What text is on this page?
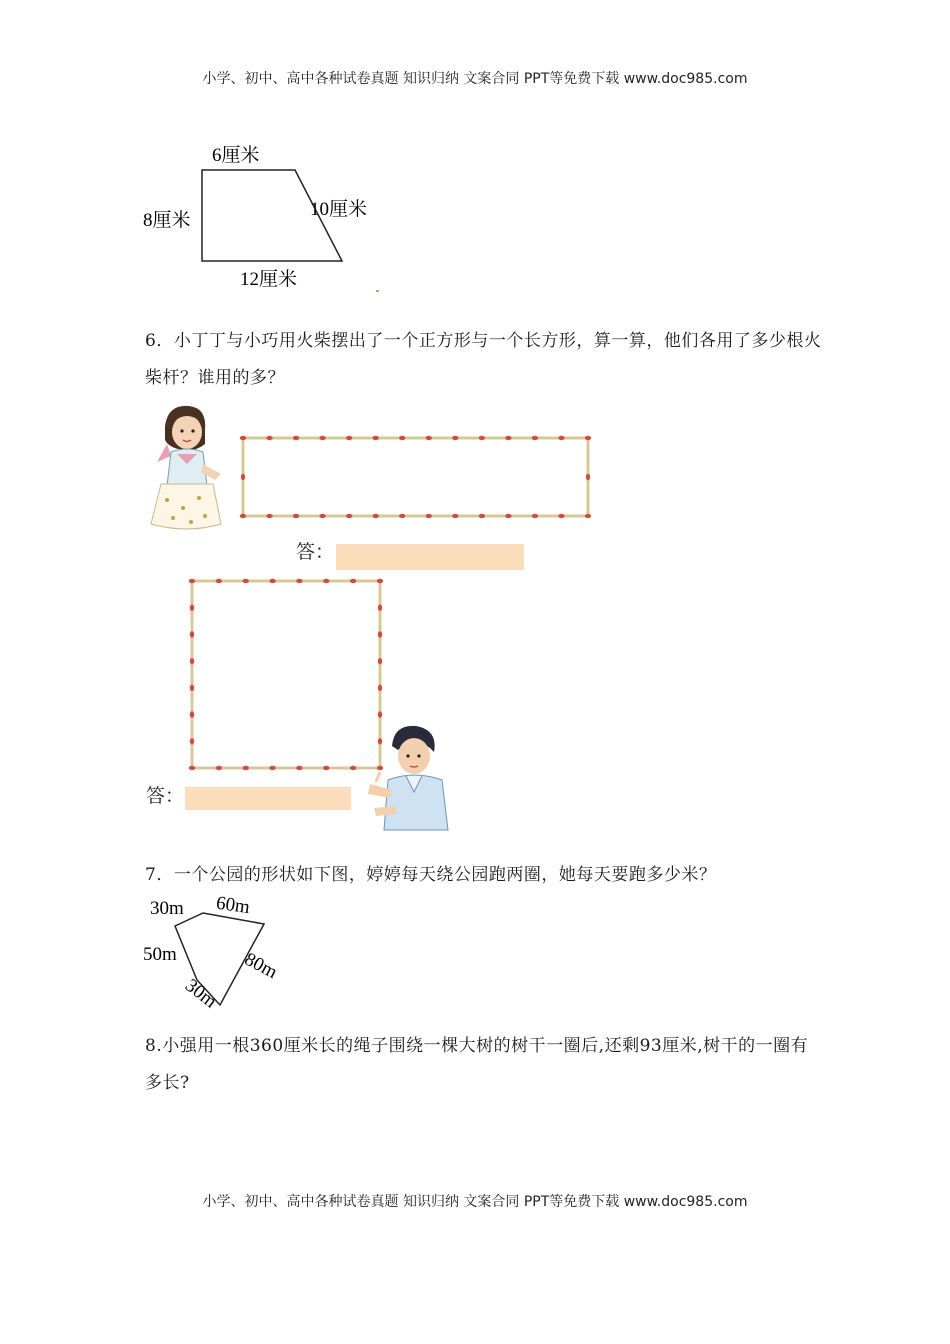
小学、初中、高中各种试卷真题 知识归纳 文案合同 PPT等免费下载 www.doc985.com
6厘米
8厘米
10厘米
12厘米
6．小丁丁与小巧用火柴摆出了一个正方形与一个长方形，算一算，他们各用了多少根火柴杆？谁用的多？
答：
答：
7．一个公园的形状如下图，婷婷每天绕公园跑两圈，她每天要跑多少米？
30m 60m
50m	80m
30m
8.小强用一根360厘米长的绳子围绕一棵大树的树干一圈后,还剩93厘米,树干的一圈有多长?
小学、初中、高中各种试卷真题 知识归纳 文案合同 PPT等免费下载 www.doc985.com
